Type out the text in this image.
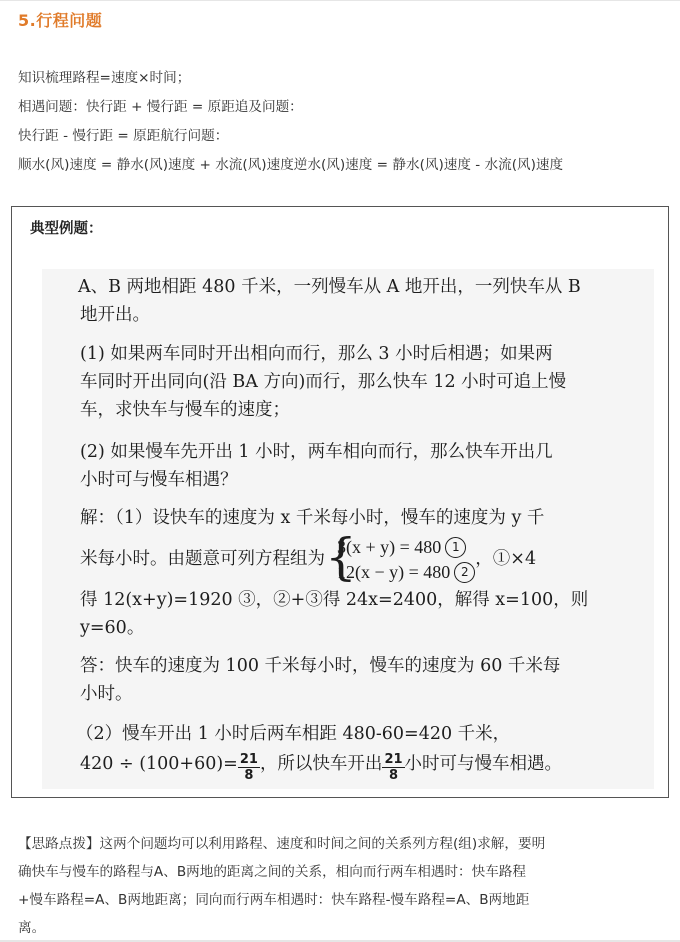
5.行程问题

知识梳理路程=速度×时间；

相遇问题：快行距 + 慢行距 = 原距追及问题：

快行距 - 慢行距 = 原距航行问题：

顺水(风)速度 = 静水(风)速度 + 水流(风)速度逆水(风)速度 = 静水(风)速度 - 水流(风)速度

典型例题：

A、B 两地相距 480 千米，一列慢车从 A 地开出，一列快车从 B

地开出。

(1) 如果两车同时开出相向而行，那么 3 小时后相遇；如果两

车同时开出同向(沿 BA 方向)而行，那么快车 12 小时可追上慢

车，求快车与慢车的速度；

(2) 如果慢车先开出 1 小时，两车相向而行，那么快车开出几

小时可与慢车相遇？

解：（1）设快车的速度为 x 千米每小时，慢车的速度为 y 千

米每小时。由题意可列方程组为 {
3(x + y) = 480 1
12(x − y) = 480 2
，①×4

得 12(x+y)=1920 ③，②+③得 24x=2400，解得 x=100，则

y=60。

答：快车的速度为 100 千米每小时，慢车的速度为 60 千米每

小时。

（2）慢车开出 1 小时后两车相距 480-60=420 千米，

$420 \div (100+60)= \frac{21}{8}$ ，所以快车开出 $\frac{21}{8}$ 小时可与慢车相遇。

【思路点拨】这两个问题均可以利用路程、速度和时间之间的关系列方程(组)求解，要明

确快车与慢车的路程与A、B两地的距离之间的关系，相向而行两车相遇时：快车路程

+慢车路程=A、B两地距离；同向而行两车相遇时：快车路程-慢车路程=A、B两地距

离。
